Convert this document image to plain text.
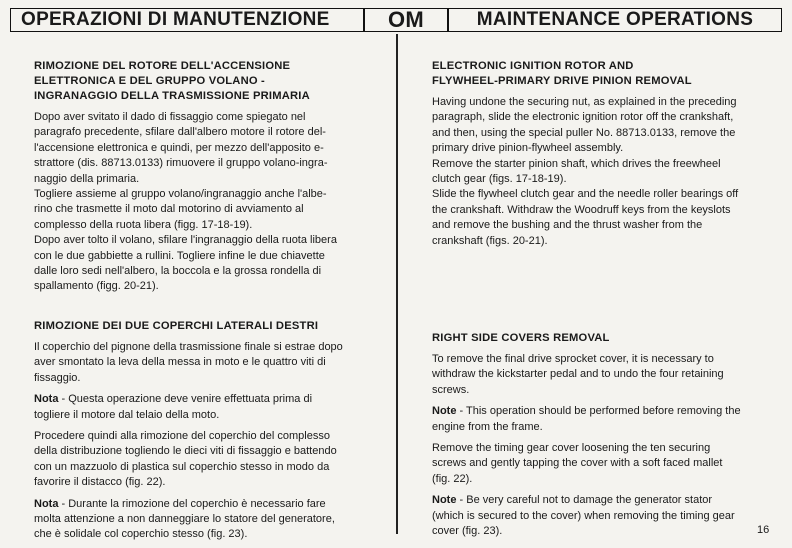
OPERAZIONI DI MANUTENZIONE	OM	MAINTENANCE OPERATIONS

RIMOZIONE DEL ROTORE DELL'ACCENSIONE

ELETTRONICA E DEL GRUPPO VOLANO -

INGRANAGGIO DELLA TRASMISSIONE PRIMARIA

Dopo aver svitato il dado di fissaggio come spiegato nel

paragrafo precedente, sfilare dall'albero motore il rotore del-

l'accensione elettronica e quindi, per mezzo dell'apposito e-

strattore (dis. 88713.0133) rimuovere il gruppo volano-ingra-

naggio della primaria.

Togliere assieme al gruppo volano/ingranaggio anche l'albe-

rino che trasmette il moto dal motorino di avviamento al

complesso della ruota libera (figg. 17-18-19).

Dopo aver tolto il volano, sfilare l'ingranaggio della ruota libera

con le due gabbiette a rullini. Togliere infine le due chiavette

dalle loro sedi nell'albero, la boccola e la grossa rondella di

spallamento (figg. 20-21).

RIMOZIONE DEI DUE COPERCHI LATERALI DESTRI

Il coperchio del pignone della trasmissione finale si estrae dopo

aver smontato la leva della messa in moto e le quattro viti di

fissaggio.

Nota - Questa operazione deve venire effettuata prima di

togliere il motore dal telaio della moto.

Procedere quindi alla rimozione del coperchio del complesso

della distribuzione togliendo le dieci viti di fissaggio e battendo

con un mazzuolo di plastica sul coperchio stesso in modo da

favorire il distacco (fig. 22).

Nota - Durante la rimozione del coperchio è necessario fare

molta attenzione a non danneggiare lo statore del generatore,

che è solidale col coperchio stesso (fig. 23).

ELECTRONIC IGNITION ROTOR AND

FLYWHEEL-PRIMARY DRIVE PINION REMOVAL

Having undone the securing nut, as explained in the preceding

paragraph, slide the electronic ignition rotor off the crankshaft,

and then, using the special puller No. 88713.0133, remove the

primary drive pinion-flywheel assembly.

Remove the starter pinion shaft, which drives the freewheel

clutch gear (figs. 17-18-19).

Slide the flywheel clutch gear and the needle roller bearings off

the crankshaft. Withdraw the Woodruff keys from the keyslots

and remove the bushing and the thrust washer from the

crankshaft (figs. 20-21).

RIGHT SIDE COVERS REMOVAL

To remove the final drive sprocket cover, it is necessary to

withdraw the kickstarter pedal and to undo the four retaining

screws.

Note - This operation should be performed before removing the

engine from the frame.

Remove the timing gear cover loosening the ten securing

screws and gently tapping the cover with a soft faced mallet

(fig. 22).

Note - Be very careful not to damage the generator stator

(which is secured to the cover) when removing the timing gear

cover (fig. 23).	16
